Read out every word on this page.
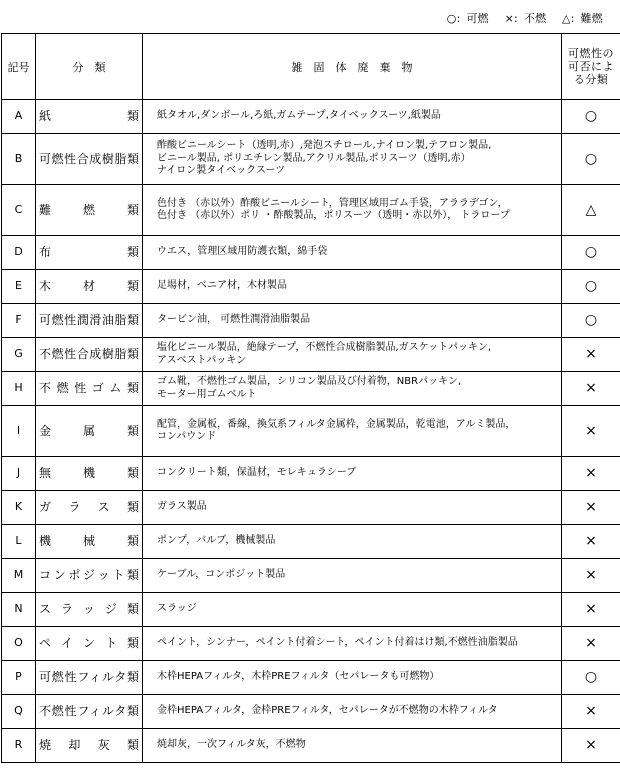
○: 可燃 ×: 不燃 △: 難燃
記号	分　類	雑　固　体　廃　棄　物	可燃性の可否による分類
A	紙類	紙タオル,ダンボール,ろ紙,ガムテープ,タイベックスーツ,紙製品	○
B	可燃性合成樹脂類	酢酸ビニールシート（透明,赤）,発泡スチロール,ナイロン製,テフロン製品,
ビニール製品, ポリエチレン製品,アクリル製品,ポリスーツ（透明,赤）
ナイロン製タイベックスーツ	○
C	難燃類	色付き （赤以外）酢酸ビニールシート，管理区域用ゴム手袋，アララデゴン，
色付き （赤以外）ポリ ・酢酸製品，ポリスーツ（透明・赤以外）， トラロープ	△
D	布類	ウエス，管理区域用防護衣類，綿手袋	○
E	木材類	足場材，ベニア材，木材製品	○
F	可燃性潤滑油脂類	タービン油， 可燃性潤滑油脂製品	○
G	不燃性合成樹脂類	塩化ビニール製品，絶縁テープ，不燃性合成樹脂製品,ガスケットパッキン,
アスベストパッキン	×
H	不燃性ゴム類	ゴム靴，不燃性ゴム製品，シリコン製品及び付着物，NBRパッキン,
モーター用ゴムベルト	×
I	金属類	配管，金属板，番線，換気系フィルタ金属枠，金属製品，乾電池，アルミ製品，
コンパウンド	×
J	無機類	コンクリート類，保温材，モレキュラシーブ	×
K	ガラス類	ガラス製品	×
L	機械類	ポンプ，バルブ，機械製品	×
M	コンポジット類	ケーブル，コンポジット製品	×
N	スラッジ類	スラッジ	×
O	ペイント類	ペイント，シンナー，ペイント付着シート，ペイント付着はけ類,不燃性油脂製品	×
P	可燃性フィルタ類	木枠HEPAフィルタ，木枠PREフィルタ（セパレータも可燃物）	○
Q	不燃性フィルタ類	金枠HEPAフィルタ，金枠PREフィルタ，セパレータが不燃物の木枠フィルタ	×
R	焼却灰類	焼却灰，一次フィルタ灰，不燃物	×
